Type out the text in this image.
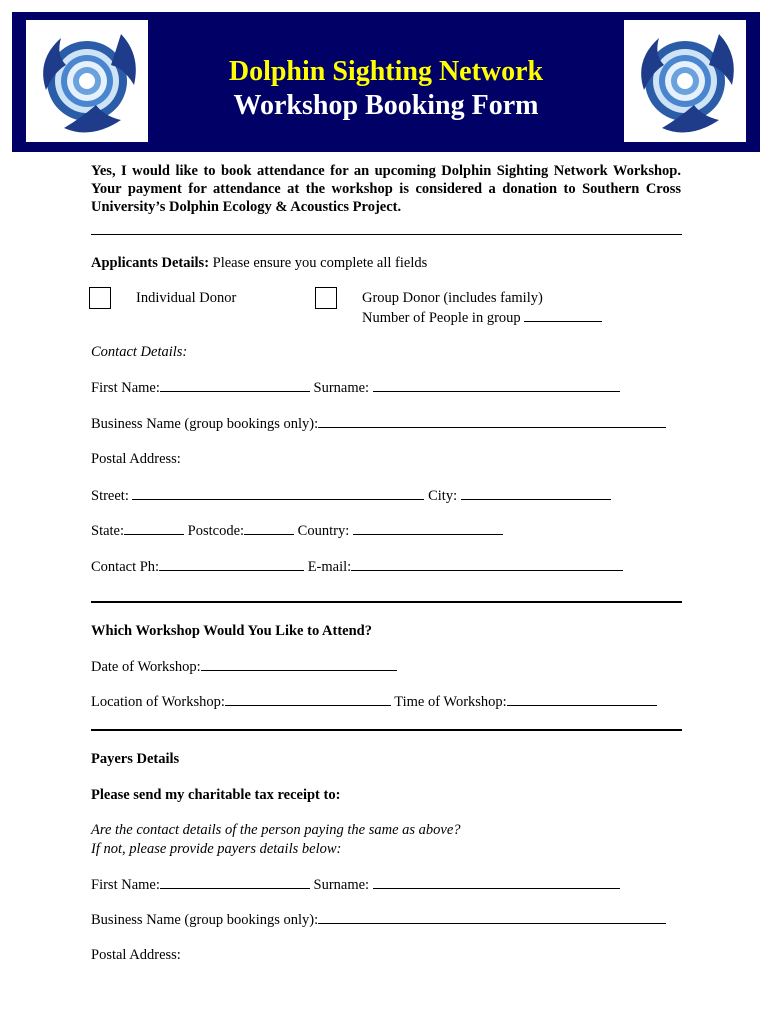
Dolphin Sighting Network
Workshop Booking Form
Yes, I would like to book attendance for an upcoming Dolphin Sighting Network Workshop. Your payment for attendance at the workshop is considered a donation to Southern Cross University’s Dolphin Ecology & Acoustics Project.
Applicants Details: Please ensure you complete all fields
Individual Donor	Group Donor (includes family)
Number of People in group
Contact Details:
First Name:	Surname:
Business Name (group bookings only):
Postal Address:
Street:	City:
State:	Postcode:	Country:
Contact Ph:	E-mail:
Which Workshop Would You Like to Attend?
Date of Workshop:
Location of Workshop:	Time of Workshop:
Payers Details
Please send my charitable tax receipt to:
Are the contact details of the person paying the same as above?
If not, please provide payers details below:
First Name:	Surname:
Business Name (group bookings only):
Postal Address:
